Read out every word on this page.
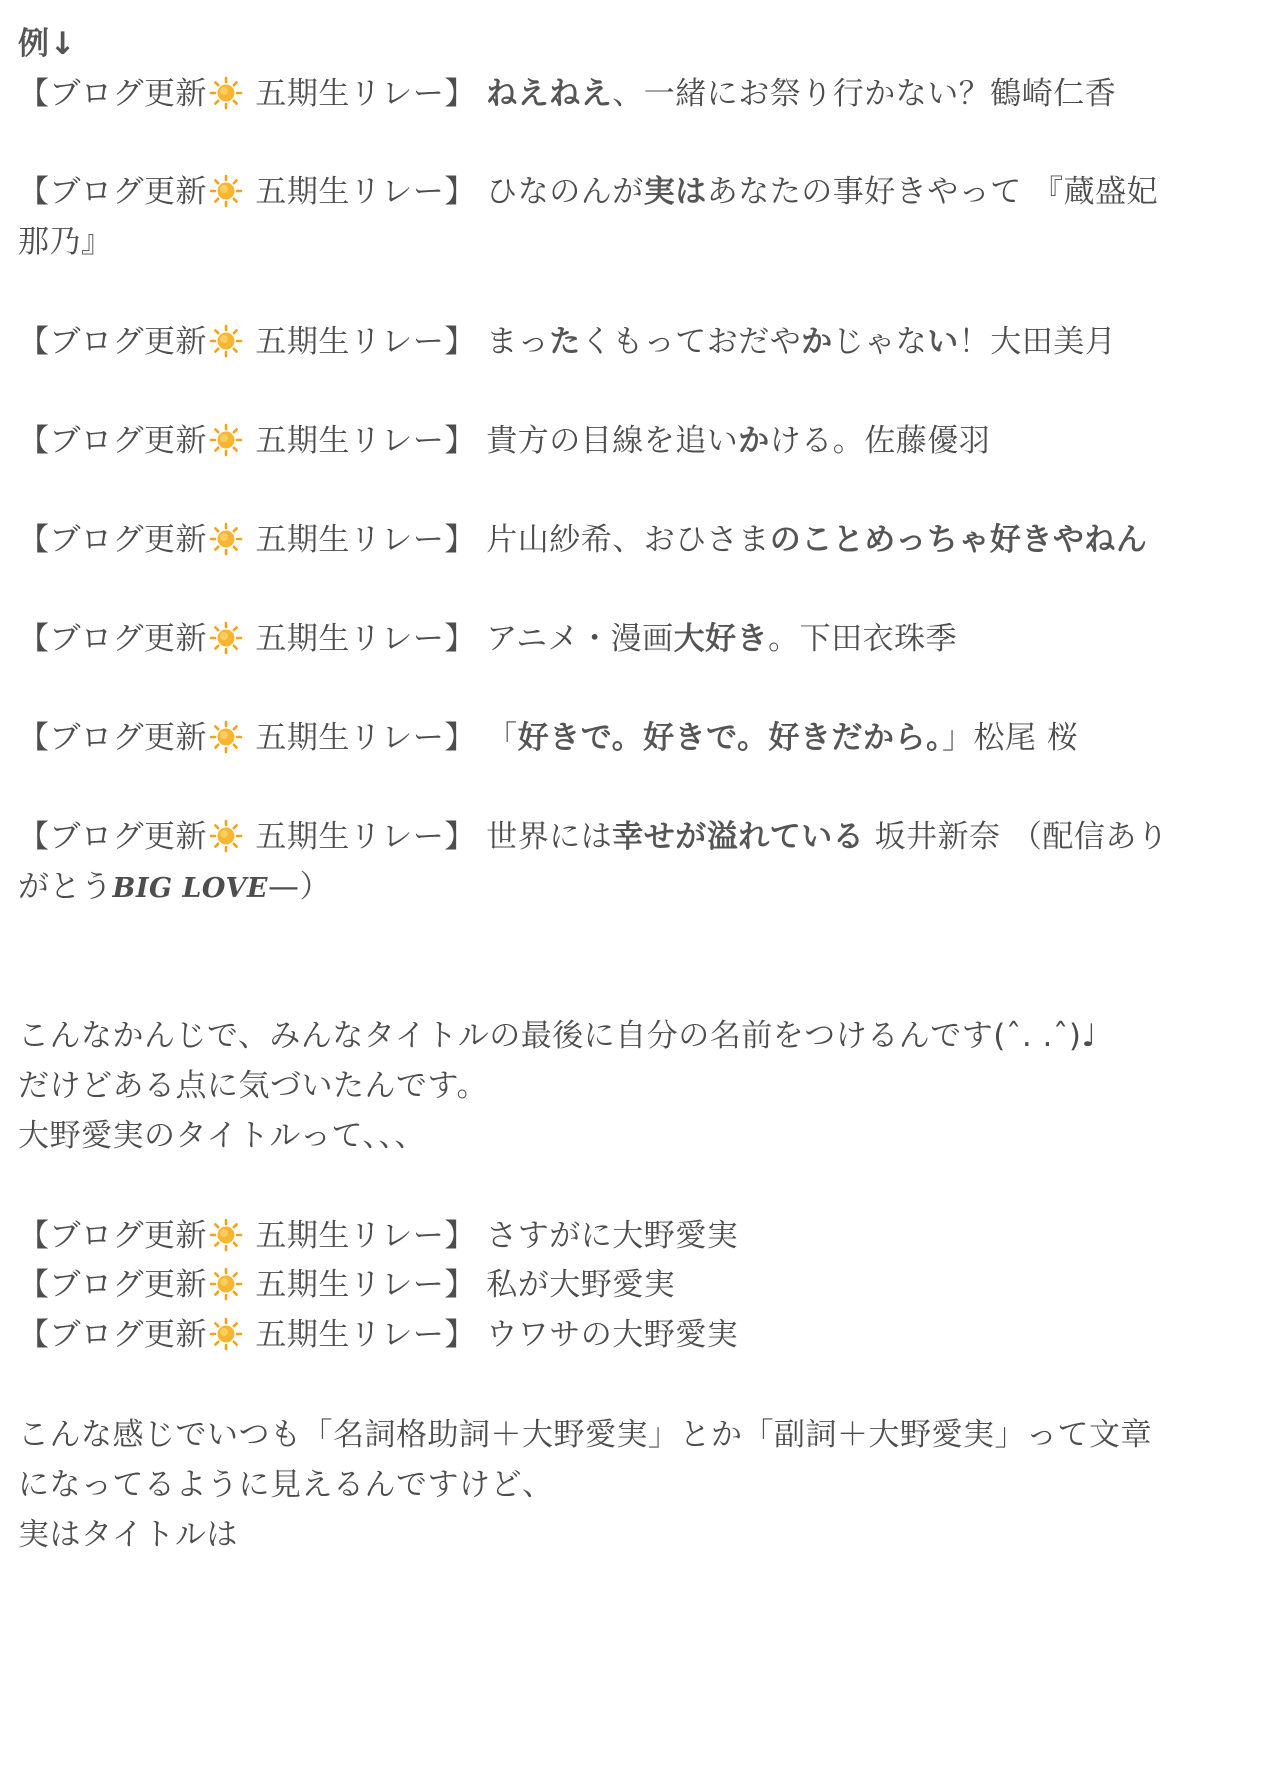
例↓
【ブログ更新
五期生リレー】 ねえねえ、一緒にお祭り行かない？鶴崎仁香
【ブログ更新
五期生リレー】 ひなのんが実はあなたの事好きやって 『蔵盛妃
那乃』
【ブログ更新
五期生リレー】 まったくもっておだやかじゃない！大田美月
【ブログ更新
五期生リレー】 貴方の目線を追いかける。佐藤優羽
【ブログ更新
五期生リレー】 片山紗希、おひさまのことめっちゃ好きやねん
【ブログ更新
五期生リレー】 アニメ・漫画大好き。下田衣珠季
【ブログ更新
五期生リレー】 「好きで。好きで。好きだから。」松尾 桜
【ブログ更新
五期生リレー】 世界には幸せが溢れている 坂井新奈 （配信あり
がとうBIG LOVE—）
こんなかんじで、みんなタイトルの最後に自分の名前をつけるんです(ˆ. .ˆ)♩
だけどある点に気づいたんです。
大野愛実のタイトルって、、、
【ブログ更新
五期生リレー】 さすがに大野愛実
【ブログ更新
五期生リレー】 私が大野愛実
【ブログ更新
五期生リレー】 ウワサの大野愛実
こんな感じでいつも「名詞格助詞＋大野愛実」とか「副詞＋大野愛実」って文章
になってるように見えるんですけど、
実はタイトルは
